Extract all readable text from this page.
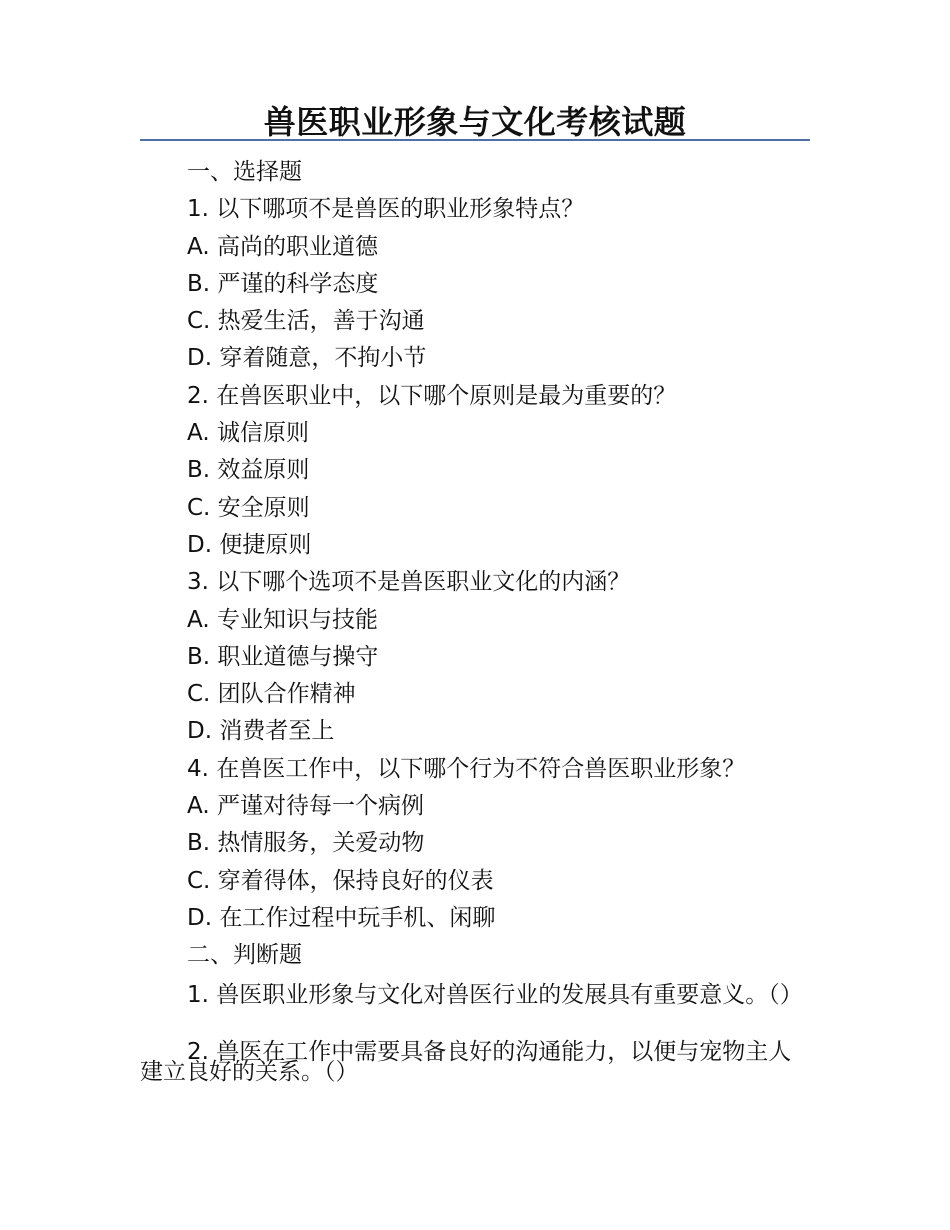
兽医职业形象与文化考核试题
一、选择题
1. 以下哪项不是兽医的职业形象特点？
A. 高尚的职业道德
B. 严谨的科学态度
C. 热爱生活，善于沟通
D. 穿着随意，不拘小节
2. 在兽医职业中，以下哪个原则是最为重要的？
A. 诚信原则
B. 效益原则
C. 安全原则
D. 便捷原则
3. 以下哪个选项不是兽医职业文化的内涵？
A. 专业知识与技能
B. 职业道德与操守
C. 团队合作精神
D. 消费者至上
4. 在兽医工作中，以下哪个行为不符合兽医职业形象？
A. 严谨对待每一个病例
B. 热情服务，关爱动物
C. 穿着得体，保持良好的仪表
D. 在工作过程中玩手机、闲聊
二、判断题
1. 兽医职业形象与文化对兽医行业的发展具有重要意义。（）
2. 兽医在工作中需要具备良好的沟通能力，以便与宠物主人建立良好的关系。（）
